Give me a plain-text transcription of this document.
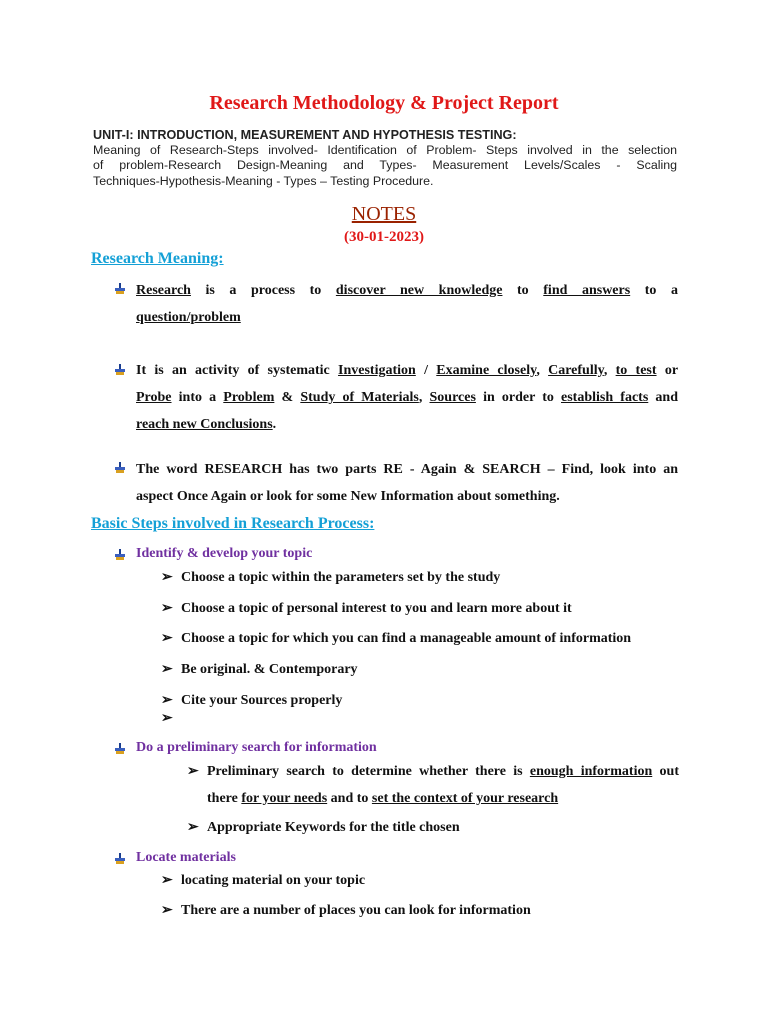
Research Methodology & Project Report
UNIT-I: INTRODUCTION, MEASUREMENT AND HYPOTHESIS TESTING:
Meaning of Research-Steps involved- Identification of Problem- Steps involved in the selection
of problem-Research Design-Meaning and Types- Measurement Levels/Scales - Scaling
Techniques-Hypothesis-Meaning - Types – Testing Procedure.
NOTES
(30-01-2023)
Research Meaning:
Research is a process to discover new knowledge to find answers to a
question/problem
It is an activity of systematic Investigation / Examine closely, Carefully, to test or
Probe into a Problem & Study of Materials, Sources in order to establish facts and
reach new Conclusions.
The word RESEARCH has two parts RE - Again & SEARCH – Find, look into an
aspect Once Again or look for some New Information about something.
Basic Steps involved in Research Process:
Identify & develop your topic
➢ Choose a topic within the parameters set by the study
➢ Choose a topic of personal interest to you and learn more about it
➢ Choose a topic for which you can find a manageable amount of information
➢ Be original. & Contemporary
➢ Cite your Sources properly
➢
Do a preliminary search for information
➢ Preliminary search to determine whether there is enough information out
there for your needs and to set the context of your research
➢ Appropriate Keywords for the title chosen
Locate materials
➢ locating material on your topic
➢ There are a number of places you can look for information
